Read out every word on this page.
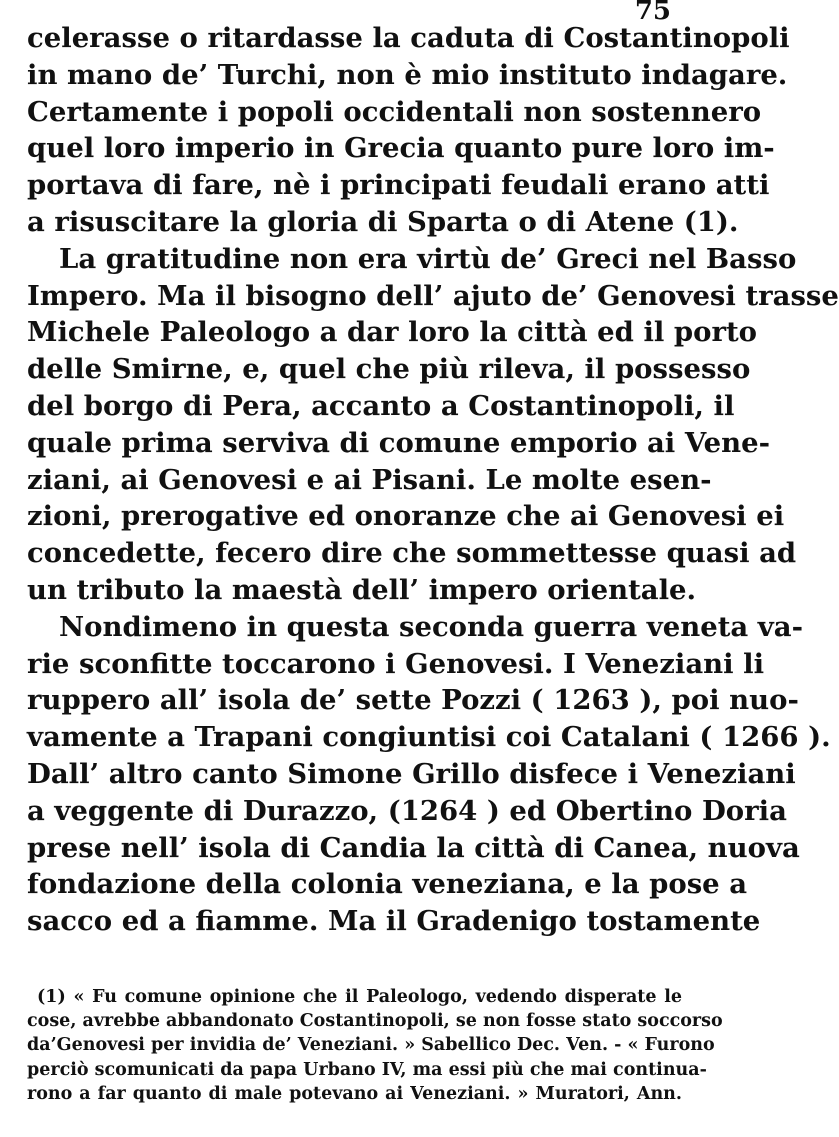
75
celerasse o ritardasse la caduta di Costantinopoli
in mano de’ Turchi, non è mio instituto indagare.
Certamente i popoli occidentali non sostennero
quel loro imperio in Grecia quanto pure loro im-
portava di fare, nè i principati feudali erano atti
a risuscitare la gloria di Sparta o di Atene (1).
La gratitudine non era virtù de’ Greci nel Basso
Impero. Ma il bisogno dell’ ajuto de’ Genovesi trasse
Michele Paleologo a dar loro la città ed il porto
delle Smirne, e, quel che più rileva, il possesso
del borgo di Pera, accanto a Costantinopoli, il
quale prima serviva di comune emporio ai Vene-
ziani, ai Genovesi e ai Pisani. Le molte esen-
zioni, prerogative ed onoranze che ai Genovesi ei
concedette, fecero dire che sommettesse quasi ad
un tributo la maestà dell’ impero orientale.
Nondimeno in questa seconda guerra veneta va-
rie sconfitte toccarono i Genovesi. I Veneziani li
ruppero all’ isola de’ sette Pozzi ( 1263 ), poi nuo-
vamente a Trapani congiuntisi coi Catalani ( 1266 ).
Dall’ altro canto Simone Grillo disfece i Veneziani
a veggente di Durazzo, (1264 ) ed Obertino Doria
prese nell’ isola di Candia la città di Canea, nuova
fondazione della colonia veneziana, e la pose a
sacco ed a fiamme. Ma il Gradenigo tostamente
(1) « Fu comune opinione che il Paleologo, vedendo disperate le
cose, avrebbe abbandonato Costantinopoli, se non fosse stato soccorso
da’Genovesi per invidia de’ Veneziani. » Sabellico Dec. Ven. - « Furono
perciò scomunicati da papa Urbano IV, ma essi più che mai continua-
rono a far quanto di male potevano ai Veneziani. » Muratori, Ann.
